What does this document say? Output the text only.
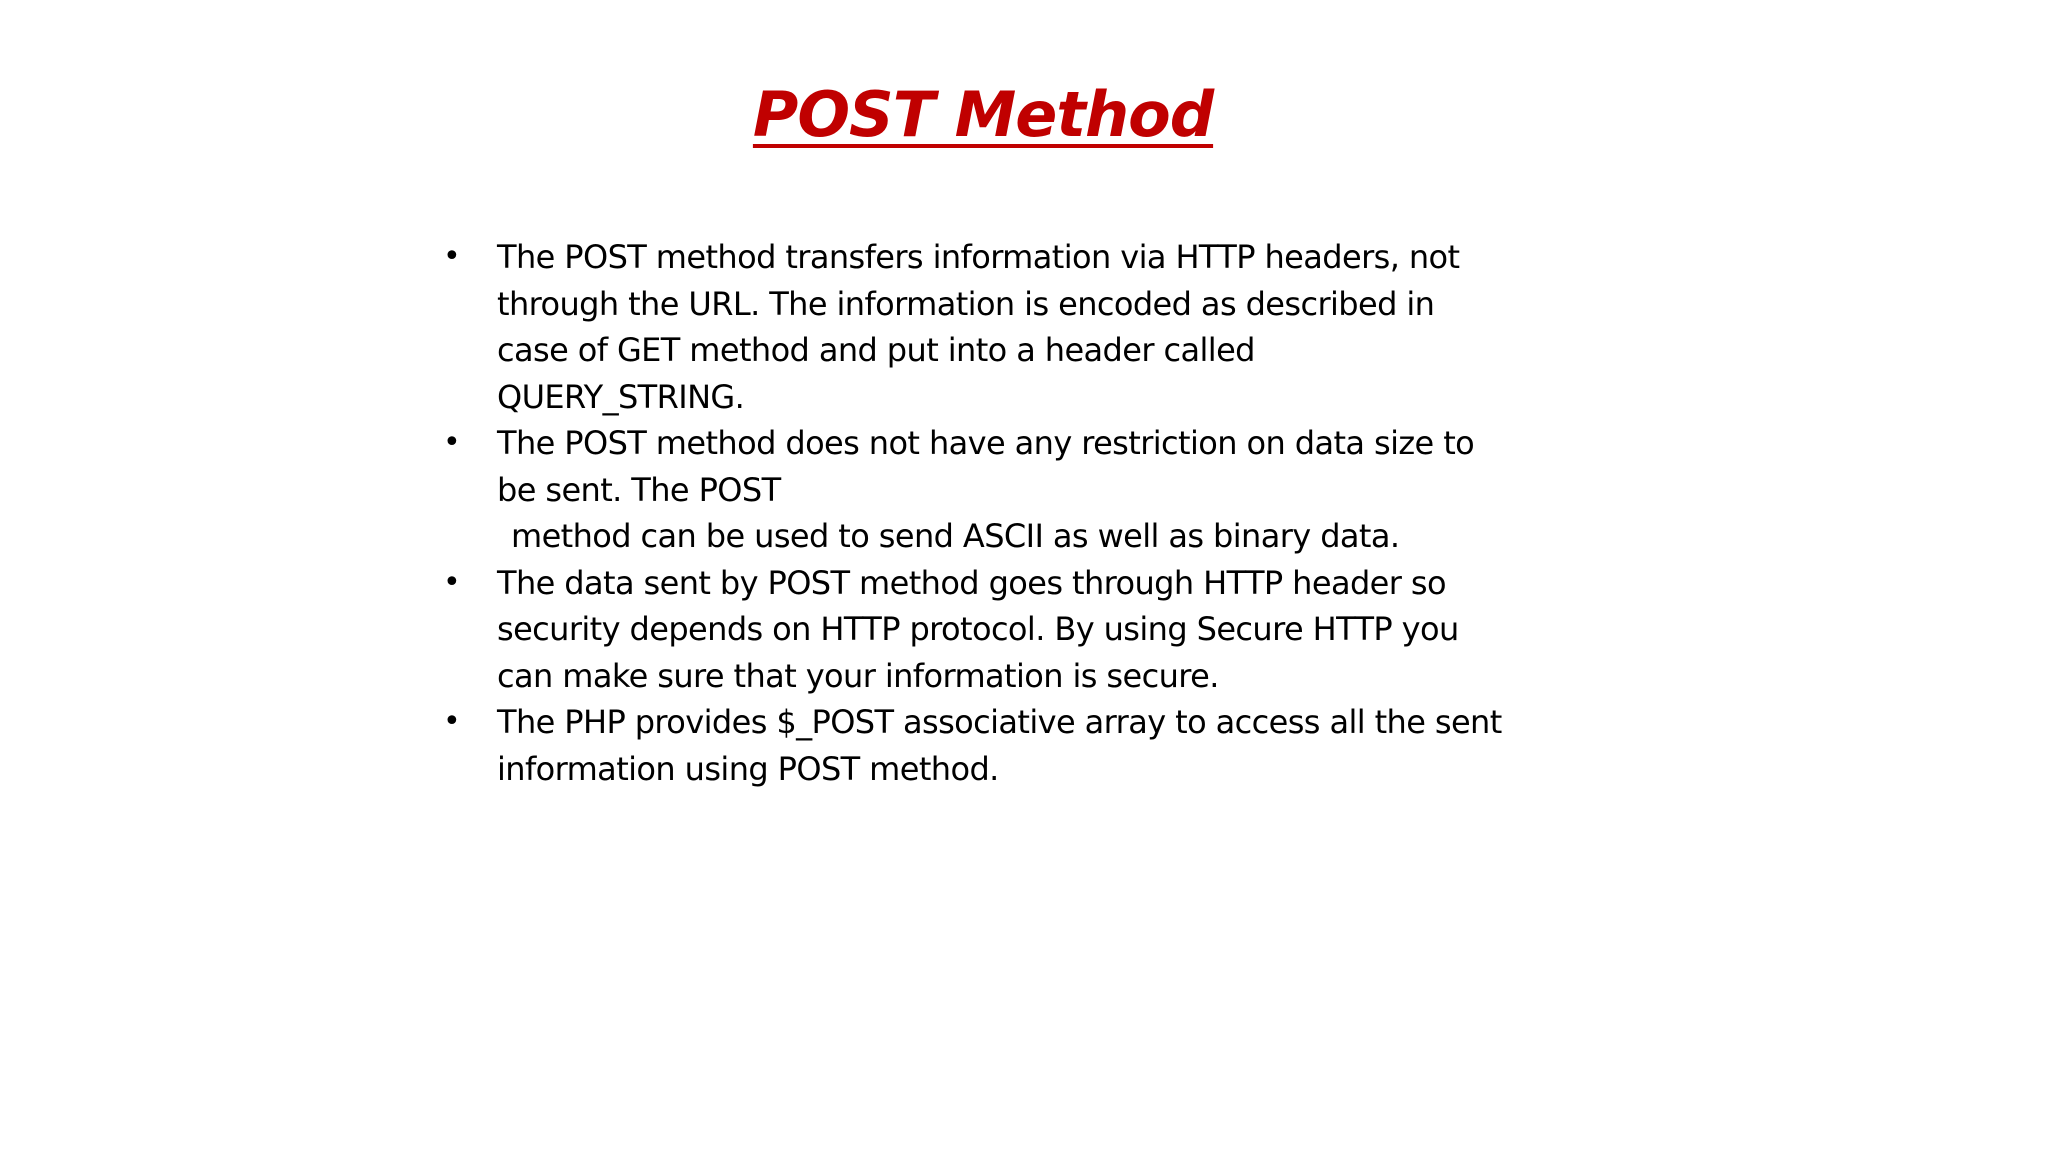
POST Method
• The POST method transfers information via HTTP headers, not
through the URL. The information is encoded as described in
case of GET method and put into a header called
QUERY_STRING.
• The POST method does not have any restriction on data size to
be sent. The POST
method can be used to send ASCII as well as binary data.
• The data sent by POST method goes through HTTP header so
security depends on HTTP protocol. By using Secure HTTP you
can make sure that your information is secure.
• The PHP provides $_POST associative array to access all the sent
information using POST method.
